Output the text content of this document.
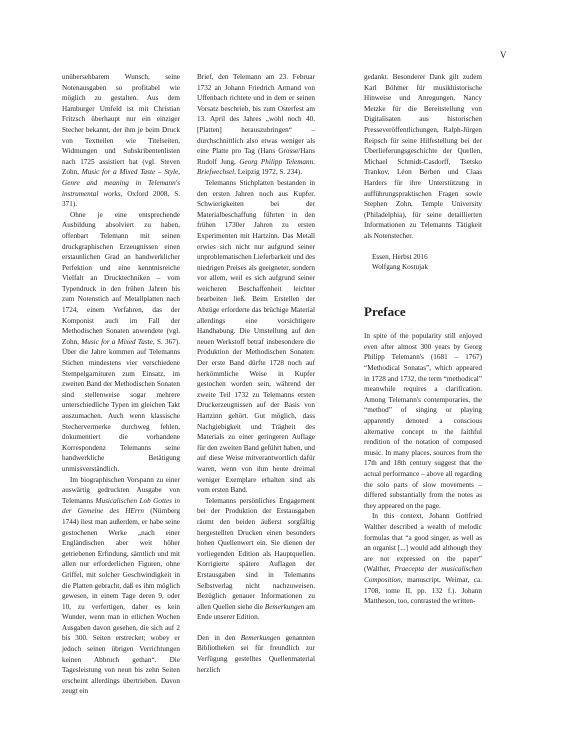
V

unübersehbarem Wunsch, seine Notenausgaben so profitabel wie möglich zu gestalten. Aus dem Hamburger Umfeld ist mit Christian Fritzsch überhaupt nur ein einziger Stecher bekannt, der ihm je beim Druck von Textteilen wie Titelseiten, Widmungen und Subskribentenlisten nach 1725 assistiert hat (vgl. Steven Zohn, Music for a Mixed Taste – Style, Genre and meaning in Telemann's instrumental works, Oxford 2008, S. 371).

Ohne je eine entsprechende Ausbildung absolviert zu haben, offenbart Telemann mit seinen druckgraphischen Erzeugnissen einen erstaunlichen Grad an handwerklicher Perfektion und eine kenntnisreiche Vielfalt an Drucktechniken – vom Typendruck in den frühen Jahren bis zum Notenstich auf Metallplatten nach 1724, einem Verfahren, das der Komponist auch im Fall der Methodischen Sonaten anwendete (vgl. Zohn, Music for a Mixed Taste, S. 367). Über die Jahre kommen auf Telemanns Stichen mindestens vier verschiedene Stempelgarnituren zum Einsatz, im zweiten Band der Methodischen Sonaten sind stellenweise sogar mehrere unterschiedliche Typen im gleichen Takt auszumachen. Auch wenn klassische Stechervermerke durchweg fehlen, dokumentiert die vorhandene Korrespondenz Telemanns seine handwerkliche Betätigung unmissverständlich.

Im biographischen Vorspann zu einer auswärtig gedruckten Ausgabe von Telemanns Musicalischen Lob Gottes in der Gemeine des HErrn (Nürnberg 1744) liest man außerdem, er habe seine gestochenen Werke „nach einer Engländischen aber weit höher getriebenen Erfindung, sämtlich und mit allen nur erforderlichen Figuren, ohne Griffel, mit solcher Geschwindigkeit in die Platten gebracht, daß es ihm möglich gewesen, in einem Tage deren 9, oder 10, zu verfertigen, daher es kein Wunder, wenn man in etlichen Wochen Ausgaben davon gesehen, die sich auf 2 bis 300. Seiten erstrecket; wobey er jedoch seinen übrigen Verrichtungen keinen Abbruch gethan“. Die Tagesleistung von neun bis zehn Seiten erscheint allerdings übertrieben. Davon zeugt ein

Brief, den Telemann am 23. Februar 1732 an Johann Friedrich Armand von Uffenbach richtete und in dem er seinen Vorsatz beschrieb, bis zum Osterfest am 13. April des Jahres „wohl noch 40. [Platten] herauszubringen“ – durchschnittlich also etwas weniger als eine Platte pro Tag (Hans Grosse/Hans Rudolf Jung, Georg Philipp Telemann. Briefwechsel, Leipzig 1972, S. 234).

Telemanns Stichplatten bestanden in den ersten Jahren noch aus Kupfer. Schwierigkeiten bei der Materialbeschaffung führten in den frühen 1730er Jahren zu ersten Experimenten mit Hartzinn. Das Metall erwies sich nicht nur aufgrund seiner unproblematischen Lieferbarkeit und des niedrigen Preises als geeigneter, sondern vor allem, weil es sich aufgrund seiner weicheren Beschaffenheit leichter bearbeiten ließ. Beim Erstellen der Abzüge erforderte das brüchige Material allerdings eine vorsichtigere Handhabung. Die Umstellung auf den neuen Werkstoff betraf insbesondere die Produktion der Methodischen Sonaten: Der erste Band dürfte 1728 noch auf herkömmliche Weise in Kupfer gestochen worden sein, während der zweite Teil 1732 zu Telemanns ersten Druckerzeugnissen auf der Basis von Hartzinn gehört. Gut möglich, dass Nachgiebigkeit und Trägheit des Materials zu einer geringeren Auflage für den zweiten Band geführt haben, und auf diese Weise mitverantwortlich dafür waren, wenn von ihm heute dreimal weniger Exemplare erhalten sind als vom ersten Band.

Telemanns persönliches Engagement bei der Produktion der Erstausgaben räumt den beiden äußerst sorgfältig hergestellten Drucken einen besonders hohen Quellenwert ein. Sie dienen der vorliegenden Edition als Hauptquellen. Korrigierte spätere Auflagen der Erstausgaben sind in Telemanns Selbstverlag nicht nachzuweisen. Bezüglich genauer Informationen zu allen Quellen siehe die Bemerkungen am Ende unserer Edition.

Den in den Bemerkungen genannten Bibliotheken sei für freundlich zur Verfügung gestelltes Quellenmaterial herzlich

gedankt. Besonderer Dank gilt zudem Karl Böhmer für musikhistorische Hinweise und Anregungen, Nancy Metzke für die Bereitstellung von Digitalisaten aus historischen Presseveröffentlichungen, Ralph-Jürgen Reipsch für seine Hilfestellung bei der Überlieferungsgeschichte der Quellen, Michael Schmidt-Casdorff, Tsetsko Trankov, Léon Berben und Claas Harders für ihre Unterstützung in aufführungspraktischen Fragen sowie Stephen Zohn, Temple University (Philadelphia), für seine detaillierten Informationen zu Telemanns Tätigkeit als Notenstecher.

Essen, Herbst 2016

Wolfgang Kostujak

Preface

In spite of the popularity still enjoyed even after almost 300 years by Georg Philipp Telemann's (1681 – 1767) “Methodical Sonatas”, which appeared in 1728 and 1732, the term “methodical” meanwhile requires a clarification. Among Telemann's contemporaries, the “method” of singing or playing apparently denoted a conscious alternative concept to the faithful rendition of the notation of composed music. In many places, sources from the 17th and 18th century suggest that the actual performance – above all regarding the solo parts of slow movements – differed substantially from the notes as they appeared on the page.

In this context, Johann Gottfried Walther described a wealth of melodic formulas that “a good singer, as well as an organist [...] would add although they are not expressed on the paper” (Walther, Praecepta der musicalischen Composition, manuscript, Weimar, ca. 1708, tome II, pp. 132 f.). Johann Mattheson, too, contrasted the written-
